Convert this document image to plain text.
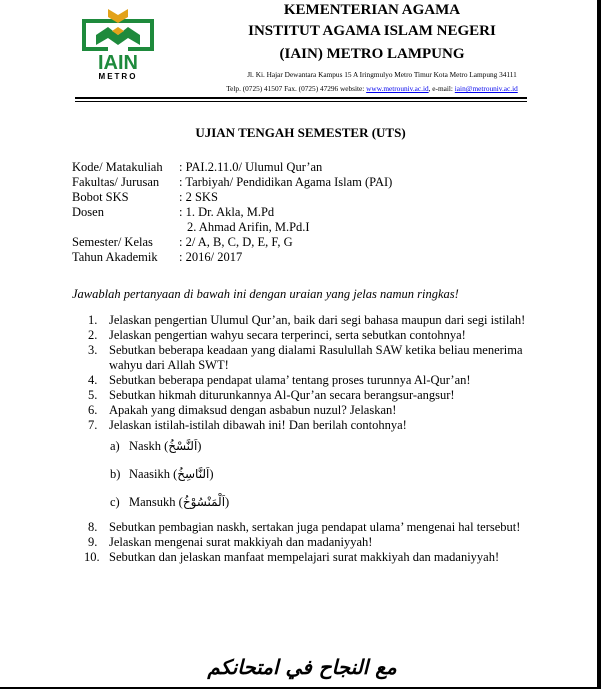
IAIN
METRO
KEMENTERIAN AGAMA
INSTITUT AGAMA ISLAM NEGERI
(IAIN) METRO LAMPUNG
Jl. Ki. Hajar Dewantara Kampus 15 A Iringmulyo Metro Timur Kota Metro Lampung 34111
Telp. (0725) 41507 Fax. (0725) 47296 website: www.metrouniv.ac.id, e-mail: iain@metrouniv.ac.id
UJIAN TENGAH SEMESTER (UTS)
Kode/ Matakuliah : PAI.2.11.0/ Ulumul Qur’an
Fakultas/ Jurusan : Tarbiyah/ Pendidikan Agama Islam (PAI)
Bobot SKS	: 2 SKS
Dosen	: 1. Dr. Akla, M.Pd
2. Ahmad Arifin, M.Pd.I
Semester/ Kelas : 2/ A, B, C, D, E, F, G
Tahun Akademik : 2016/ 2017
Jawablah pertanyaan di bawah ini dengan uraian yang jelas namun ringkas!
1. Jelaskan pengertian Ulumul Qur’an, baik dari segi bahasa maupun dari segi istilah!
2. Jelaskan pengertian wahyu secara terperinci, serta sebutkan contohnya!
3. Sebutkan beberapa keadaan yang dialami Rasulullah SAW ketika beliau menerima wahyu dari Allah SWT!
4. Sebutkan beberapa pendapat ulama’ tentang proses turunnya Al-Qur’an!
5. Sebutkan hikmah diturunkannya Al-Qur’an secara berangsur-angsur!
6. Apakah yang dimaksud dengan asbabun nuzul? Jelaskan!
7. Jelaskan istilah-istilah dibawah ini! Dan berilah contohnya!
a) Naskh (اَلنَّسْخُ)
b) Naasikh (اَلنَّاسِخُ)
c) Mansukh (اَلْمَنْسُوْخُ)
8. Sebutkan pembagian naskh, sertakan juga pendapat ulama’ mengenai hal tersebut!
9. Jelaskan mengenai surat makkiyah dan madaniyyah!
10. Sebutkan dan jelaskan manfaat mempelajari surat makkiyah dan madaniyyah!
مع النجاح في امتحانكم
